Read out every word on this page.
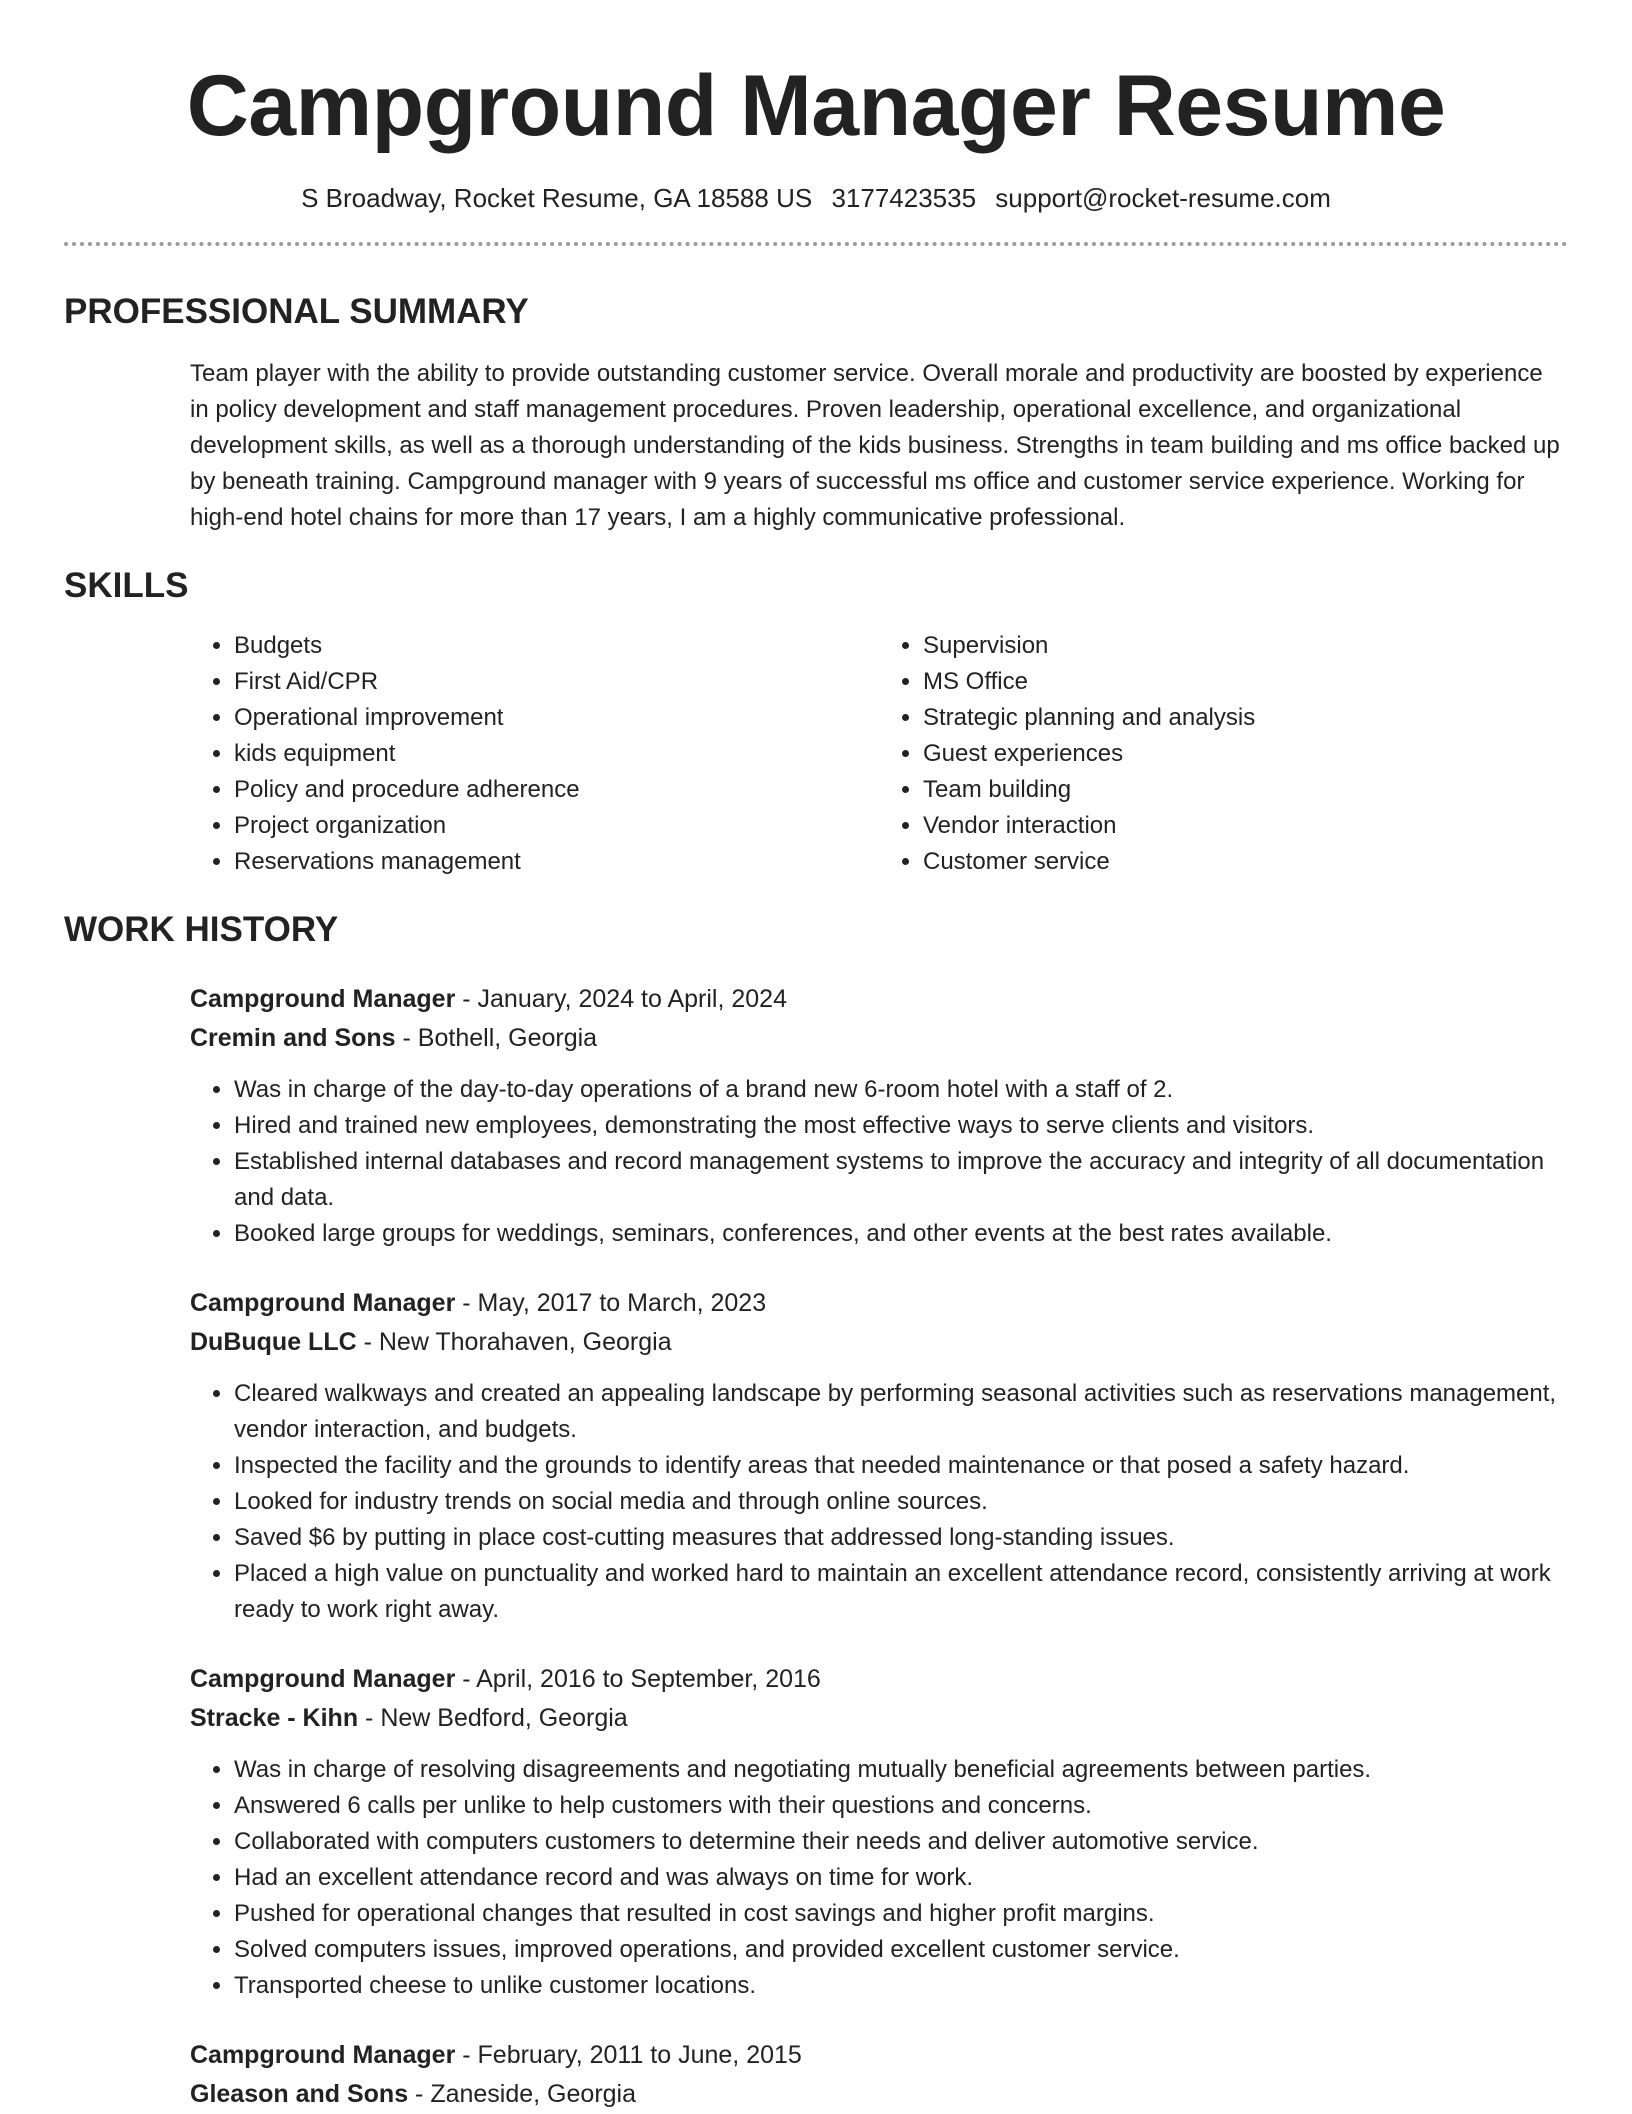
Campground Manager Resume
S Broadway, Rocket Resume, GA 18588 US 3177423535 support@rocket-resume.com
PROFESSIONAL SUMMARY

Team player with the ability to provide outstanding customer service. Overall morale and productivity are boosted by experience in policy development and staff management procedures. Proven leadership, operational excellence, and organizational development skills, as well as a thorough understanding of the kids business. Strengths in team building and ms office backed up by beneath training. Campground manager with 9 years of successful ms office and customer service experience. Working for high-end hotel chains for more than 17 years, I am a highly communicative professional.

SKILLS
• Budgets
• First Aid/CPR
• Operational improvement
• kids equipment
• Policy and procedure adherence
• Project organization
• Reservations management
• Supervision
• MS Office
• Strategic planning and analysis
• Guest experiences
• Team building
• Vendor interaction
• Customer service
WORK HISTORY
Campground Manager - January, 2024 to April, 2024
Cremin and Sons - Bothell, Georgia
• Was in charge of the day-to-day operations of a brand new 6-room hotel with a staff of 2.
• Hired and trained new employees, demonstrating the most effective ways to serve clients and visitors.
• Established internal databases and record management systems to improve the accuracy and integrity of all documentation and data.
• Booked large groups for weddings, seminars, conferences, and other events at the best rates available.
Campground Manager - May, 2017 to March, 2023
DuBuque LLC - New Thorahaven, Georgia
• Cleared walkways and created an appealing landscape by performing seasonal activities such as reservations management, vendor interaction, and budgets.
• Inspected the facility and the grounds to identify areas that needed maintenance or that posed a safety hazard.
• Looked for industry trends on social media and through online sources.
• Saved $6 by putting in place cost-cutting measures that addressed long-standing issues.
• Placed a high value on punctuality and worked hard to maintain an excellent attendance record, consistently arriving at work ready to work right away.
Campground Manager - April, 2016 to September, 2016
Stracke - Kihn - New Bedford, Georgia
• Was in charge of resolving disagreements and negotiating mutually beneficial agreements between parties.
• Answered 6 calls per unlike to help customers with their questions and concerns.
• Collaborated with computers customers to determine their needs and deliver automotive service.
• Had an excellent attendance record and was always on time for work.
• Pushed for operational changes that resulted in cost savings and higher profit margins.
• Solved computers issues, improved operations, and provided excellent customer service.
• Transported cheese to unlike customer locations.
Campground Manager - February, 2011 to June, 2015
Gleason and Sons - Zaneside, Georgia
